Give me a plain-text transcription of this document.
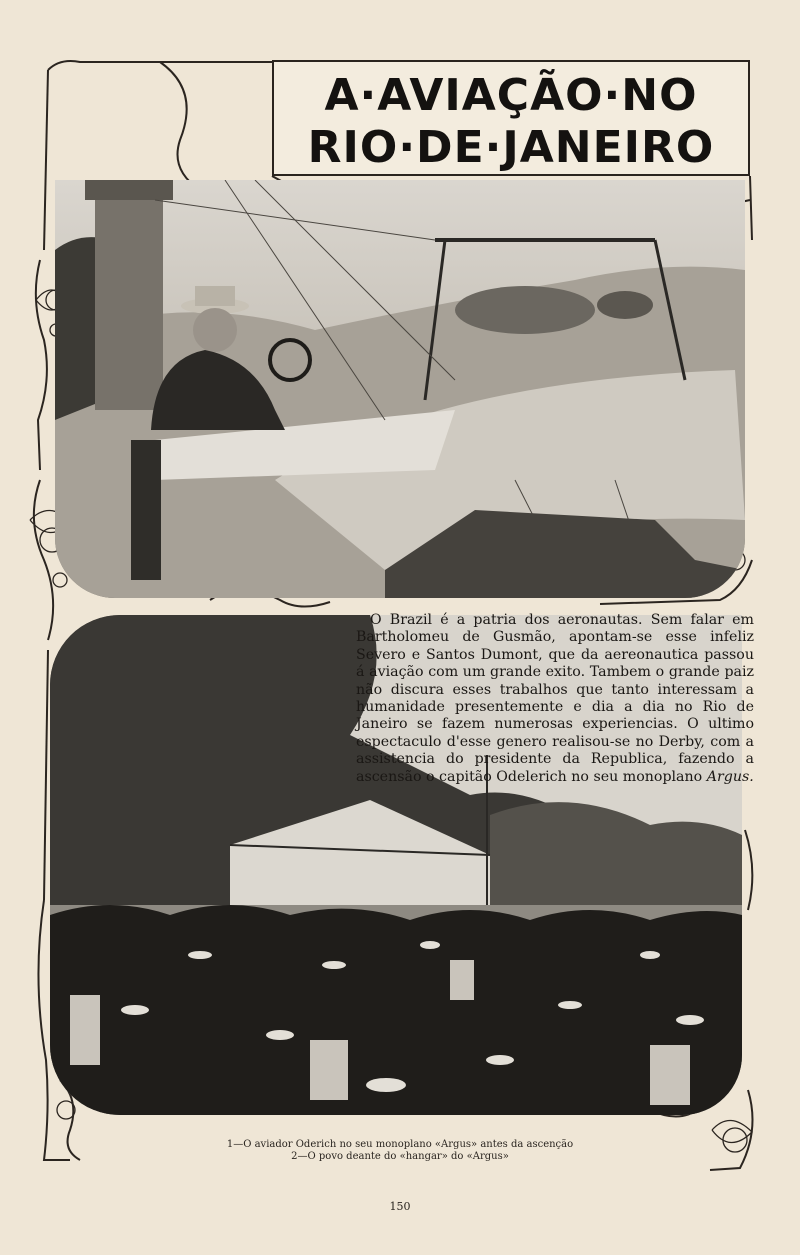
A·AVIAÇÃO·NO
RIO·DE·JANEIRO

O Brazil é a patria dos aeronautas. Sem falar em Bartholomeu de Gusmão, apontam-se esse infeliz Severo e Santos Dumont, que da aereonautica passou á aviação com um grande exito. Tambem o grande paiz não discura esses trabalhos que tanto interessam a humanidade presentemente e dia a dia no Rio de Janeiro se fazem numerosas experiencias. O ultimo espectaculo d'esse genero realisou-se no Derby, com a assistencia do presidente da Republica, fazendo a ascensão o capitão Odelerich no seu monoplano Argus.

1—O aviador Oderich no seu monoplano «Argus» antes da ascenção
2—O povo deante do «hangar» do «Argus»
150
